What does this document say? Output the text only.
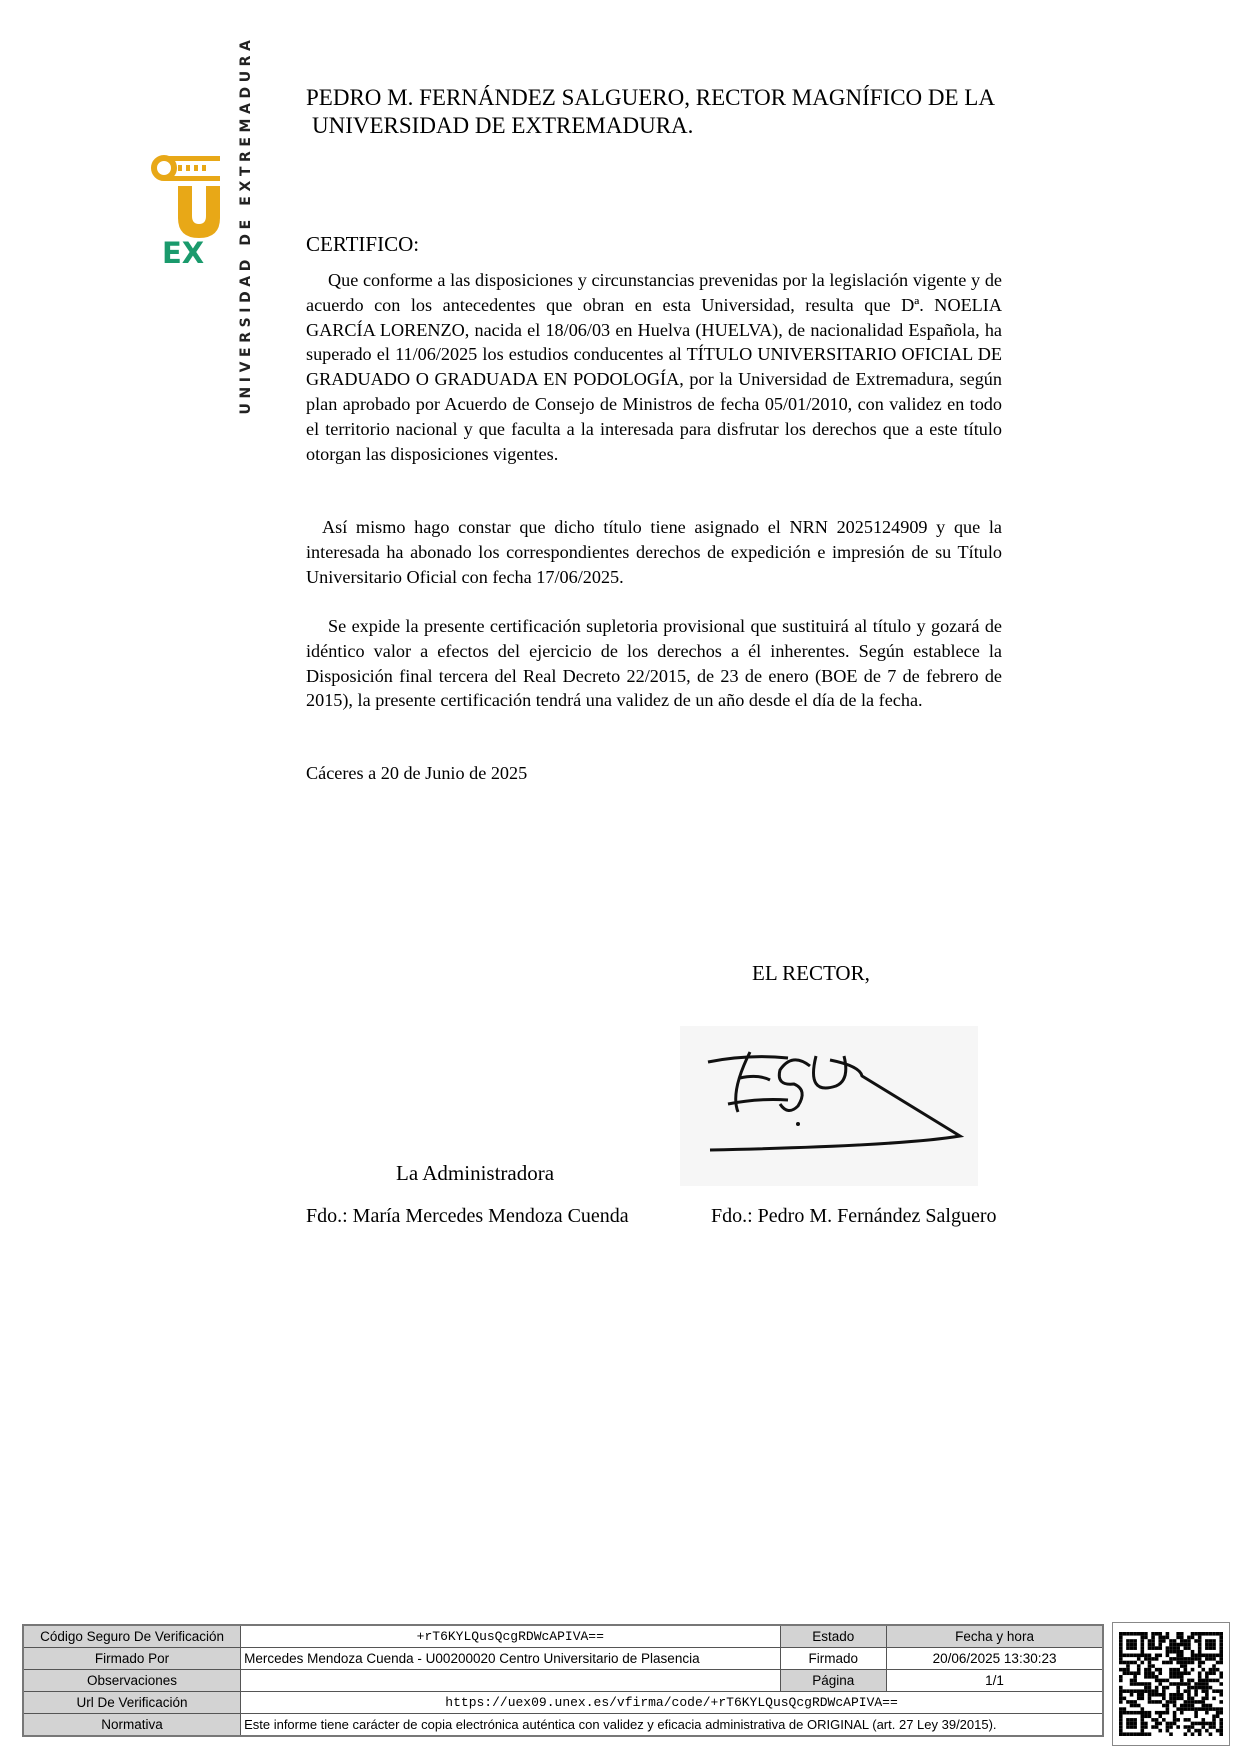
EX UNIVERSIDAD DE EXTREMADURA PEDRO M. FERNÁNDEZ SALGUERO, RECTOR MAGNÍFICO DE LA
UNIVERSIDAD DE EXTREMADURA.
CERTIFICO:
Que conforme a las disposiciones y circunstancias prevenidas por la legislación vigente y de acuerdo con los antecedentes que obran en esta Universidad, resulta que Dª. NOELIA GARCÍA LORENZO, nacida el 18/06/03 en Huelva (HUELVA), de nacionalidad Española, ha superado el 11/06/2025 los estudios conducentes al TÍTULO UNIVERSITARIO OFICIAL DE GRADUADO O GRADUADA EN PODOLOGÍA, por la Universidad de Extremadura, según plan aprobado por Acuerdo de Consejo de Ministros de fecha 05/01/2010, con validez en todo el territorio nacional y que faculta a la interesada para disfrutar los derechos que a este título otorgan las disposiciones vigentes.
Así mismo hago constar que dicho título tiene asignado el NRN 2025124909 y que la interesada ha abonado los correspondientes derechos de expedición e impresión de su Título Universitario Oficial con fecha 17/06/2025.
Se expide la presente certificación supletoria provisional que sustituirá al título y gozará de idéntico valor a efectos del ejercicio de los derechos a él inherentes. Según establece la Disposición final tercera del Real Decreto 22/2015, de 23 de enero (BOE de 7 de febrero de 2015), la presente certificación tendrá una validez de un año desde el día de la fecha.
Cáceres a 20 de Junio de 2025
EL RECTOR,
La Administradora
Fdo.: María Mercedes Mendoza Cuenda	Fdo.: Pedro M. Fernández Salguero
Código Seguro De Verificación	+rT6KYLQusQcgRDWcAPIVA==	Estado	Fecha y hora
Firmado Por	Mercedes Mendoza Cuenda - U00200020 Centro Universitario de Plasencia	Firmado	20/06/2025 13:30:23
Observaciones		Página	1/1
Url De Verificación	https://uex09.unex.es/vfirma/code/+rT6KYLQusQcgRDWcAPIVA==		
Normativa	Este informe tiene carácter de copia electrónica auténtica con validez y eficacia administrativa de ORIGINAL (art. 27 Ley 39/2015).		
